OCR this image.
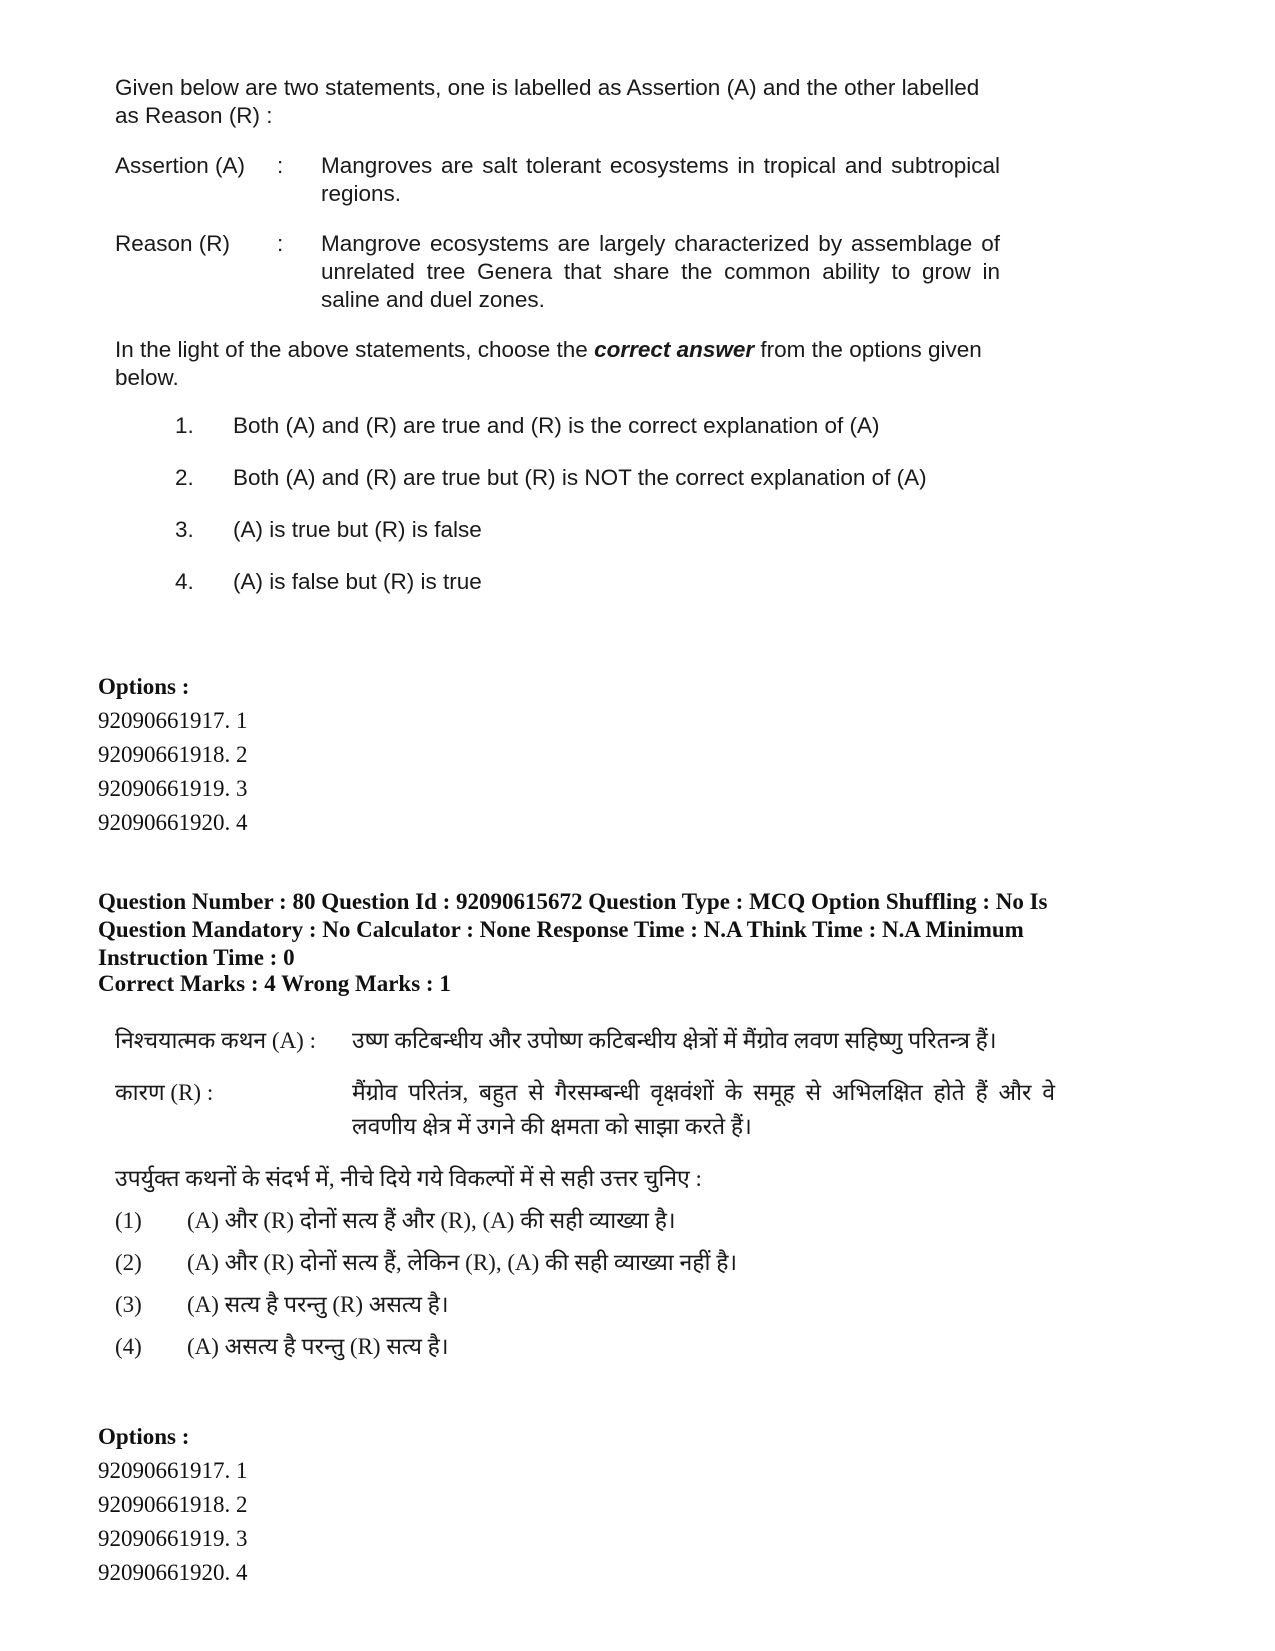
Given below are two statements, one is labelled as Assertion (A) and the other labelled as Reason (R) :

Assertion (A)	:	Mangroves are salt tolerant ecosystems in tropical and subtropical regions.
Reason (R)	:	Mangrove ecosystems are largely characterized by assemblage of unrelated tree Genera that share the common ability to grow in saline and duel zones.

In the light of the above statements, choose the correct answer from the options given below.

1.	Both (A) and (R) are true and (R) is the correct explanation of (A)
2.	Both (A) and (R) are true but (R) is NOT the correct explanation of (A)
3.	(A) is true but (R) is false
4.	(A) is false but (R) is true
Options :
92090661917. 1
92090661918. 2
92090661919. 3
92090661920. 4
Question Number : 80 Question Id : 92090615672 Question Type : MCQ Option Shuffling : No Is
Question Mandatory : No Calculator : None Response Time : N.A Think Time : N.A Minimum
Instruction Time : 0
Correct Marks : 4 Wrong Marks : 1
निश्चयात्मक कथन (A) :	उष्ण कटिबन्धीय और उपोष्ण कटिबन्धीय क्षेत्रों में मैंग्रोव लवण सहिष्णु परितन्त्र हैं।
कारण (R) :	मैंग्रोव परितंत्र, बहुत से गैरसम्बन्धी वृक्षवंशों के समूह से अभिलक्षित होते हैं और वे लवणीय क्षेत्र में उगने की क्षमता को साझा करते हैं।

उपर्युक्त कथनों के संदर्भ में, नीचे दिये गये विकल्पों में से सही उत्तर चुनिए :

(1)	(A) और (R) दोनों सत्य हैं और (R), (A) की सही व्याख्या है।
(2)	(A) और (R) दोनों सत्य हैं, लेकिन (R), (A) की सही व्याख्या नहीं है।
(3)	(A) सत्य है परन्तु (R) असत्य है।
(4)	(A) असत्य है परन्तु (R) सत्य है।
Options :
92090661917. 1
92090661918. 2
92090661919. 3
92090661920. 4
